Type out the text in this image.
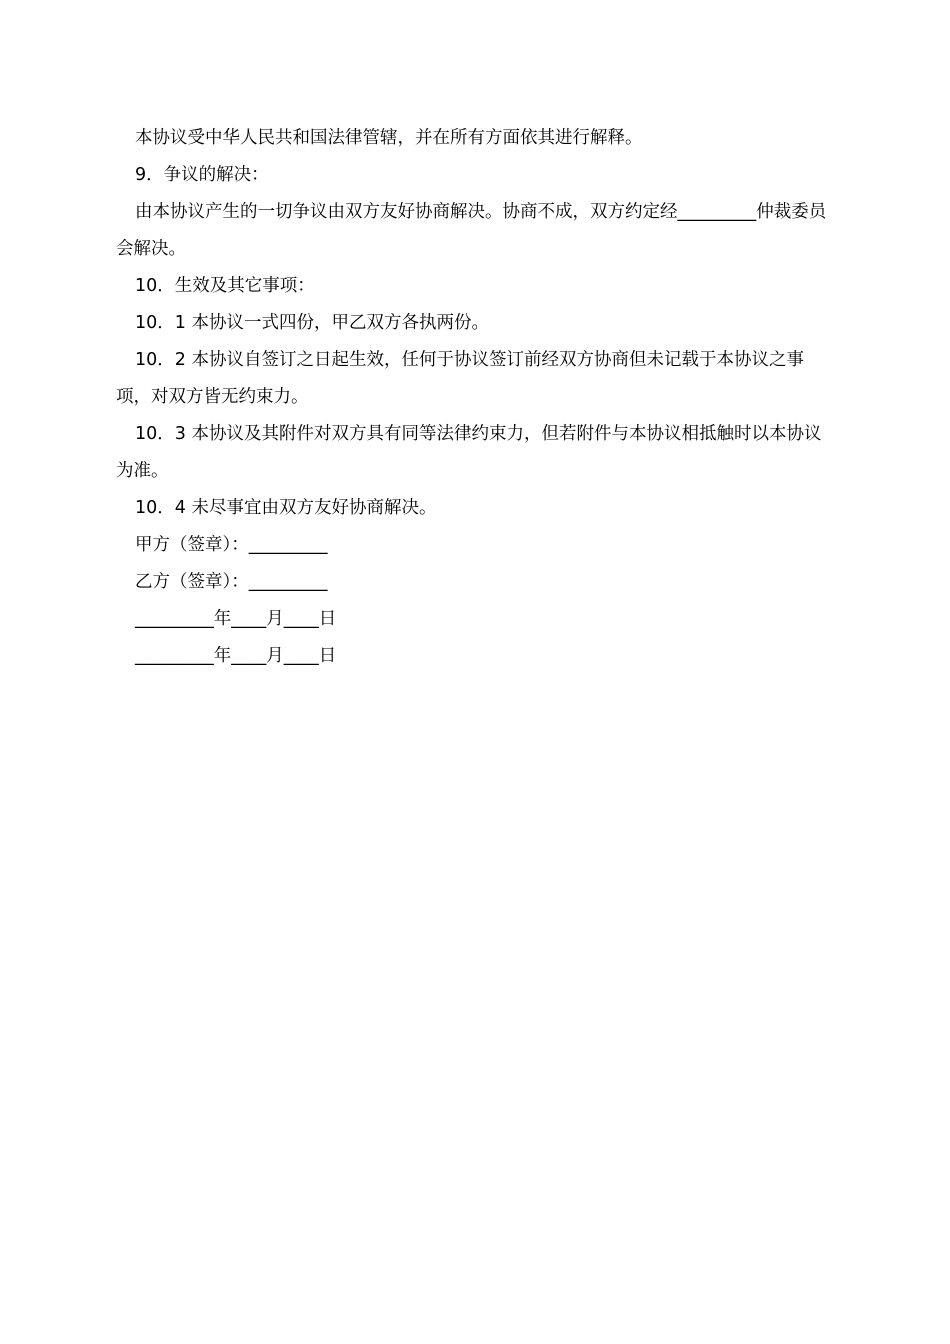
本协议受中华人民共和国法律管辖，并在所有方面依其进行解释。

9．争议的解决：

由本协议产生的一切争议由双方友好协商解决。协商不成，双方约定经_________仲裁委员会解决。

10．生效及其它事项：

10．1 本协议一式四份，甲乙双方各执两份。

10．2 本协议自签订之日起生效，任何于协议签订前经双方协商但未记载于本协议之事项，对双方皆无约束力。

10．3 本协议及其附件对双方具有同等法律约束力，但若附件与本协议相抵触时以本协议为准。

10．4 未尽事宜由双方友好协商解决。

甲方（签章）：_________

乙方（签章）：_________

_________年____月____日

_________年____月____日
